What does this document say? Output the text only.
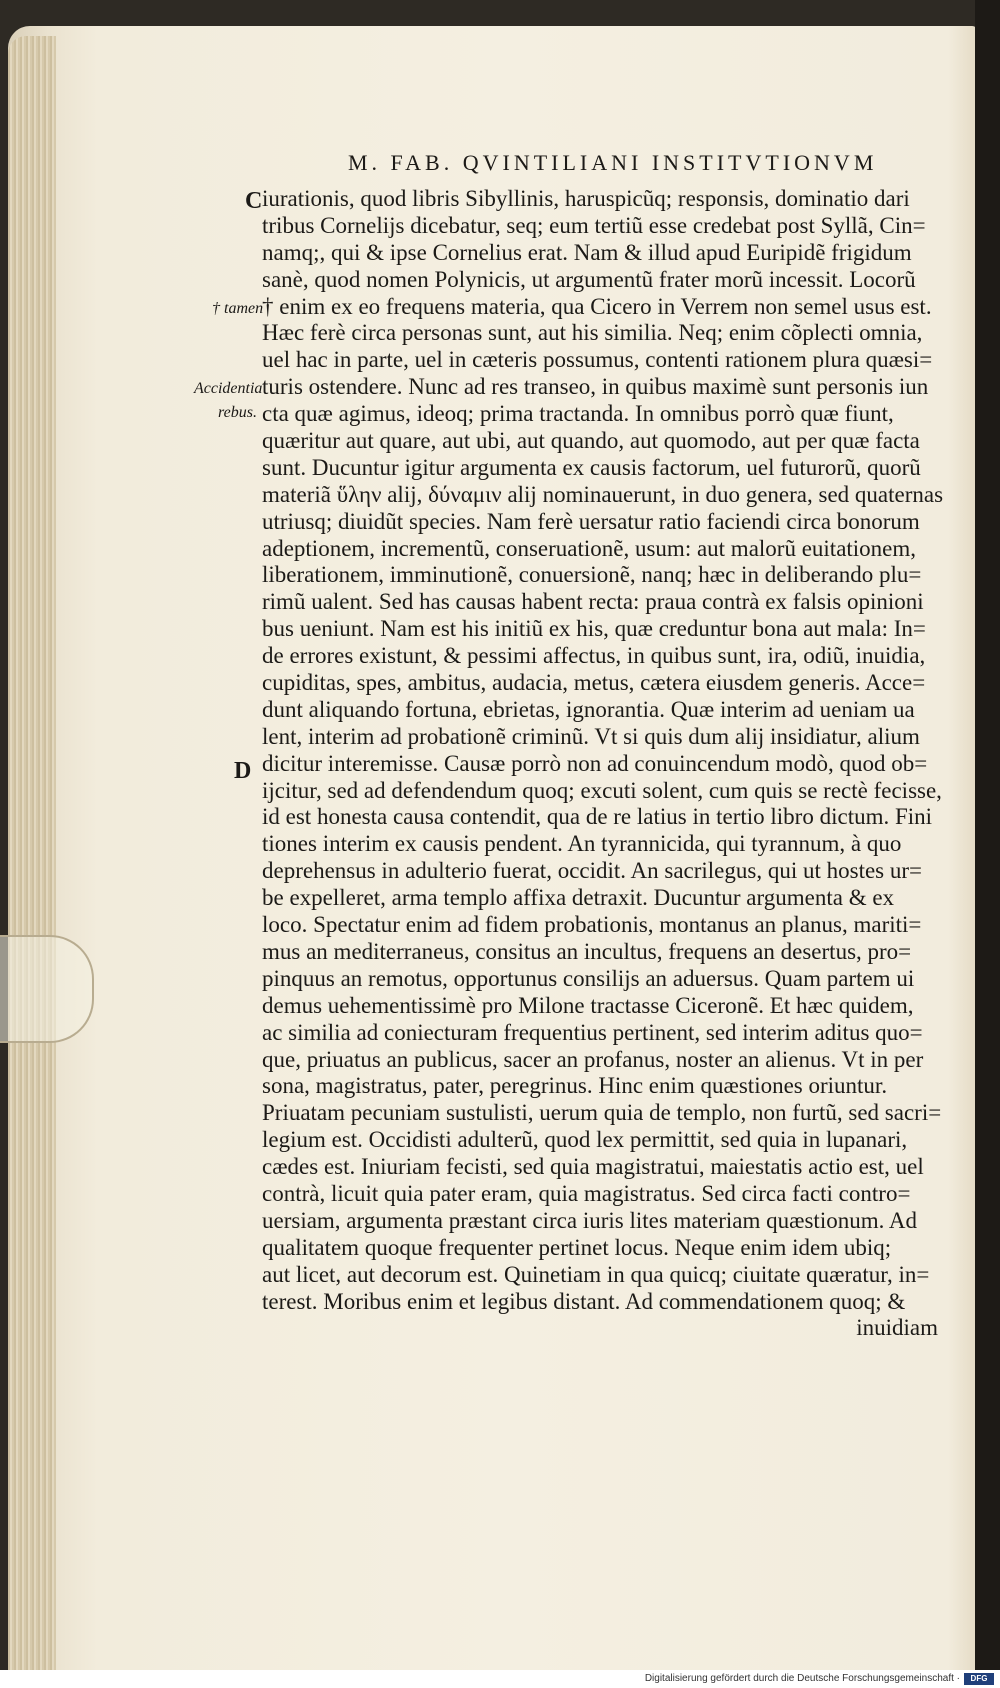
M. FAB. QVINTILIANI INSTITVTIONVM
C
D
† tamen
Accidentia
rebus.
iurationis, quod libris Sibyllinis, haruspicũq; responsis, dominatio dari
tribus Cornelijs dicebatur, seq; eum tertiũ esse credebat post Syllã, Cin=
namq;, qui & ipse Cornelius erat. Nam & illud apud Euripidẽ frigidum
sanè, quod nomen Polynicis, ut argumentũ frater morũ incessit. Locorũ
† enim ex eo frequens materia, qua Cicero in Verrem non semel usus est.
Hæc ferè circa personas sunt, aut his similia. Neq; enim cõplecti omnia,
uel hac in parte, uel in cæteris possumus, contenti rationem plura quæsi=
turis ostendere. Nunc ad res transeo, in quibus maximè sunt personis iun
cta quæ agimus, ideoq; prima tractanda. In omnibus porrò quæ fiunt,
quæritur aut quare, aut ubi, aut quando, aut quomodo, aut per quæ facta
sunt. Ducuntur igitur argumenta ex causis factorum, uel futurorũ, quorũ
materiã ὕλην alij, δύναμιν alij nominauerunt, in duo genera, sed quaternas
utriusq; diuidũt species. Nam ferè uersatur ratio faciendi circa bonorum
adeptionem, incrementũ, conseruationẽ, usum: aut malorũ euitationem,
liberationem, imminutionẽ, conuersionẽ, nanq; hæc in deliberando plu=
rimũ ualent. Sed has causas habent recta: praua contrà ex falsis opinioni
bus ueniunt. Nam est his initiũ ex his, quæ creduntur bona aut mala: In=
de errores existunt, & pessimi affectus, in quibus sunt, ira, odiũ, inuidia,
cupiditas, spes, ambitus, audacia, metus, cætera eiusdem generis. Acce=
dunt aliquando fortuna, ebrietas, ignorantia. Quæ interim ad ueniam ua
lent, interim ad probationẽ criminũ. Vt si quis dum alij insidiatur, alium
dicitur interemisse. Causæ porrò non ad conuincendum modò, quod ob=
ijcitur, sed ad defendendum quoq; excuti solent, cum quis se rectè fecisse,
id est honesta causa contendit, qua de re latius in tertio libro dictum. Fini
tiones interim ex causis pendent. An tyrannicida, qui tyrannum, à quo
deprehensus in adulterio fuerat, occidit. An sacrilegus, qui ut hostes ur=
be expelleret, arma templo affixa detraxit. Ducuntur argumenta & ex
loco. Spectatur enim ad fidem probationis, montanus an planus, mariti=
mus an mediterraneus, consitus an incultus, frequens an desertus, pro=
pinquus an remotus, opportunus consilijs an aduersus. Quam partem ui
demus uehementissimè pro Milone tractasse Ciceronẽ. Et hæc quidem,
ac similia ad coniecturam frequentius pertinent, sed interim aditus quo=
que, priuatus an publicus, sacer an profanus, noster an alienus. Vt in per
sona, magistratus, pater, peregrinus. Hinc enim quæstiones oriuntur.
Priuatam pecuniam sustulisti, uerum quia de templo, non furtũ, sed sacri=
legium est. Occidisti adulterũ, quod lex permittit, sed quia in lupanari,
cædes est. Iniuriam fecisti, sed quia magistratui, maiestatis actio est, uel
contrà, licuit quia pater eram, quia magistratus. Sed circa facti contro=
uersiam, argumenta præstant circa iuris lites materiam quæstionum. Ad
qualitatem quoque frequenter pertinet locus. Neque enim idem ubiq;
aut licet, aut decorum est. Quinetiam in qua quicq; ciuitate quæratur, in=
terest. Moribus enim et legibus distant. Ad commendationem quoq; &
inuidiam
Digitalisierung gefördert durch die Deutsche Forschungsgemeinschaft ·	DFG
